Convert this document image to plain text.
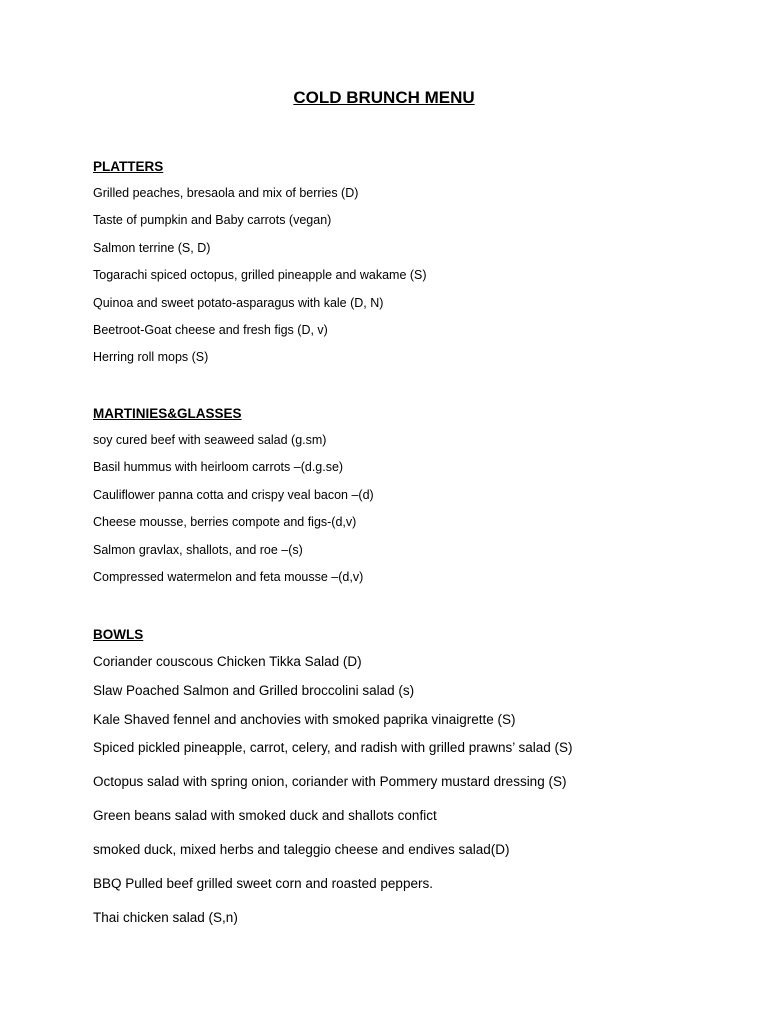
COLD BRUNCH MENU
PLATTERS
Grilled peaches, bresaola and mix of berries (D)
Taste of pumpkin and Baby carrots (vegan)
Salmon terrine (S, D)
Togarachi spiced octopus, grilled pineapple and wakame (S)
Quinoa and sweet potato-asparagus with kale (D, N)
Beetroot-Goat cheese and fresh figs (D, v)
Herring roll mops (S)
MARTINIES&GLASSES
soy cured beef with seaweed salad (g.sm)
Basil hummus with heirloom carrots –(d.g.se)
Cauliflower panna cotta and crispy veal bacon –(d)
Cheese mousse, berries compote and figs-(d,v)
Salmon gravlax, shallots, and roe –(s)
Compressed watermelon and feta mousse –(d,v)
BOWLS
Coriander couscous Chicken Tikka Salad (D)
Slaw Poached Salmon and Grilled broccolini salad (s)
Kale Shaved fennel and anchovies with smoked paprika vinaigrette (S)
Spiced pickled pineapple, carrot, celery, and radish with grilled prawns’ salad (S)
Octopus salad with spring onion, coriander with Pommery mustard dressing (S)
Green beans salad with smoked duck and shallots confict
smoked duck, mixed herbs and taleggio cheese and endives salad(D)
BBQ Pulled beef grilled sweet corn and roasted peppers.
Thai chicken salad (S,n)
